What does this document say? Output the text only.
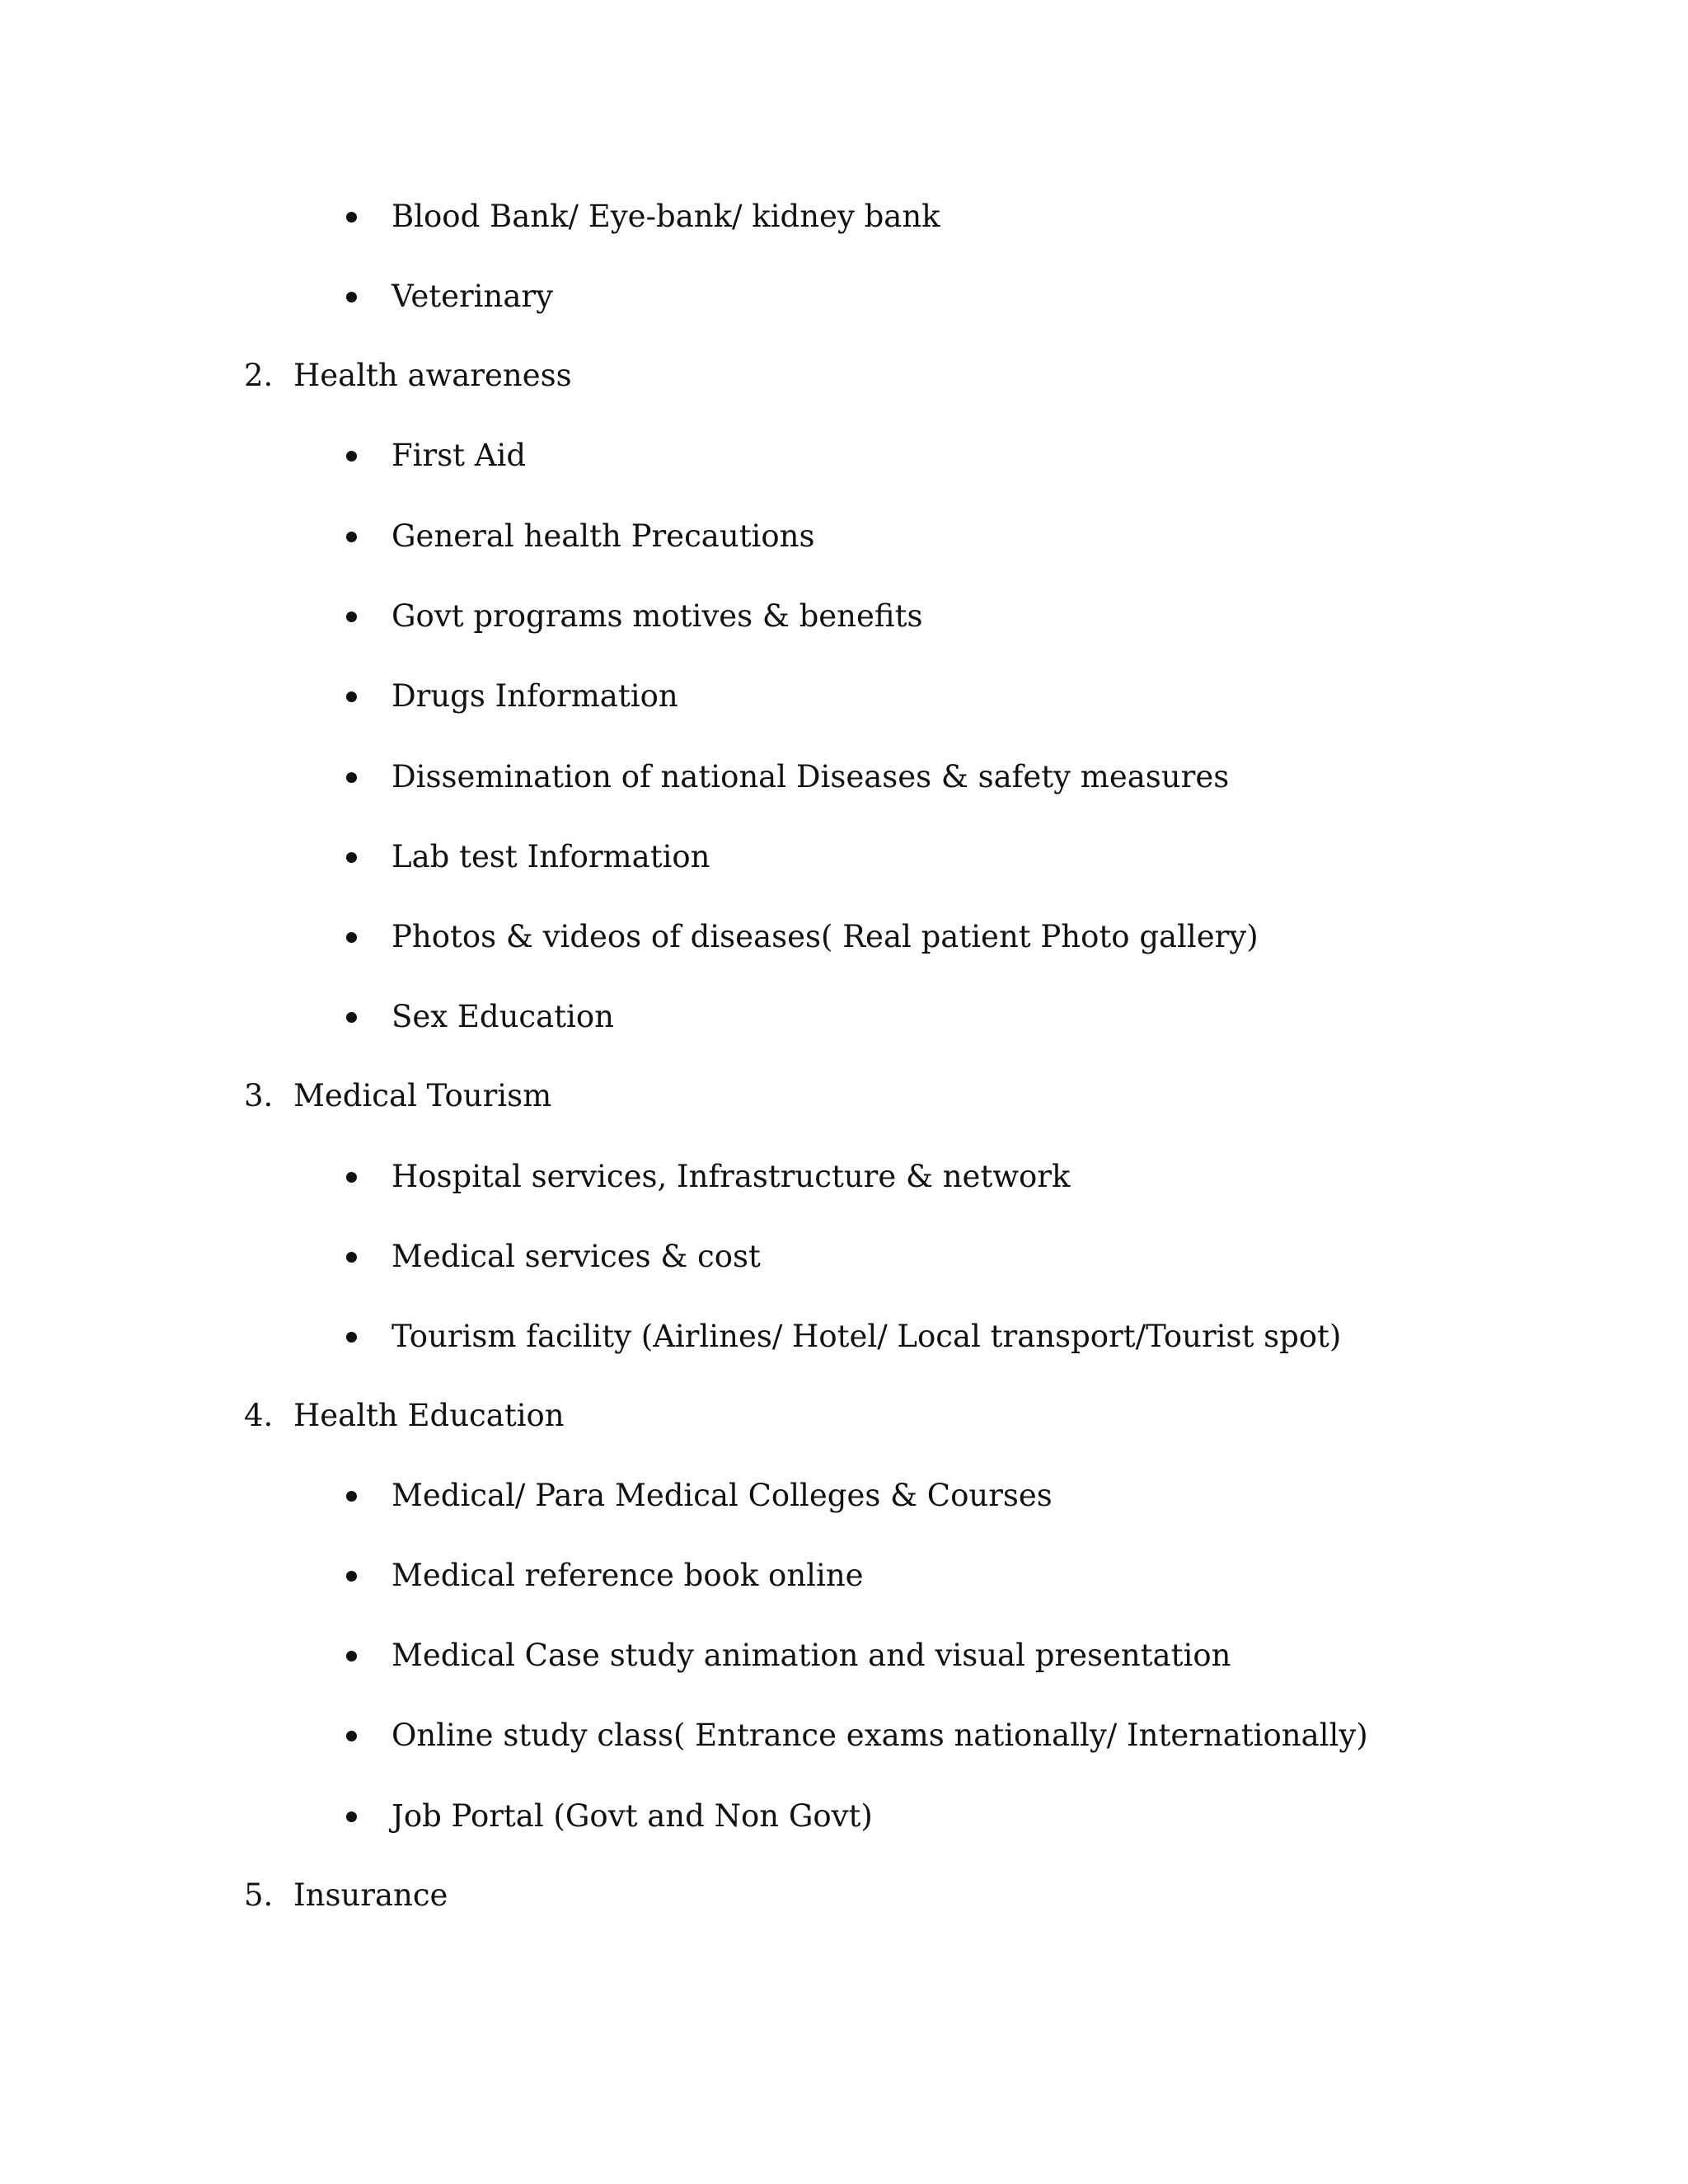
Blood Bank/ Eye-bank/ kidney bank
Veterinary
2. Health awareness
First Aid
General health Precautions
Govt programs motives & benefits
Drugs Information
Dissemination of national Diseases & safety measures
Lab test Information
Photos & videos of diseases( Real patient Photo gallery)
Sex Education
3. Medical Tourism
Hospital services, Infrastructure & network
Medical services & cost
Tourism facility (Airlines/ Hotel/ Local transport/Tourist spot)
4. Health Education
Medical/ Para Medical Colleges & Courses
Medical reference book online
Medical Case study animation and visual presentation
Online study class( Entrance exams nationally/ Internationally)
Job Portal (Govt and Non Govt)
5. Insurance
